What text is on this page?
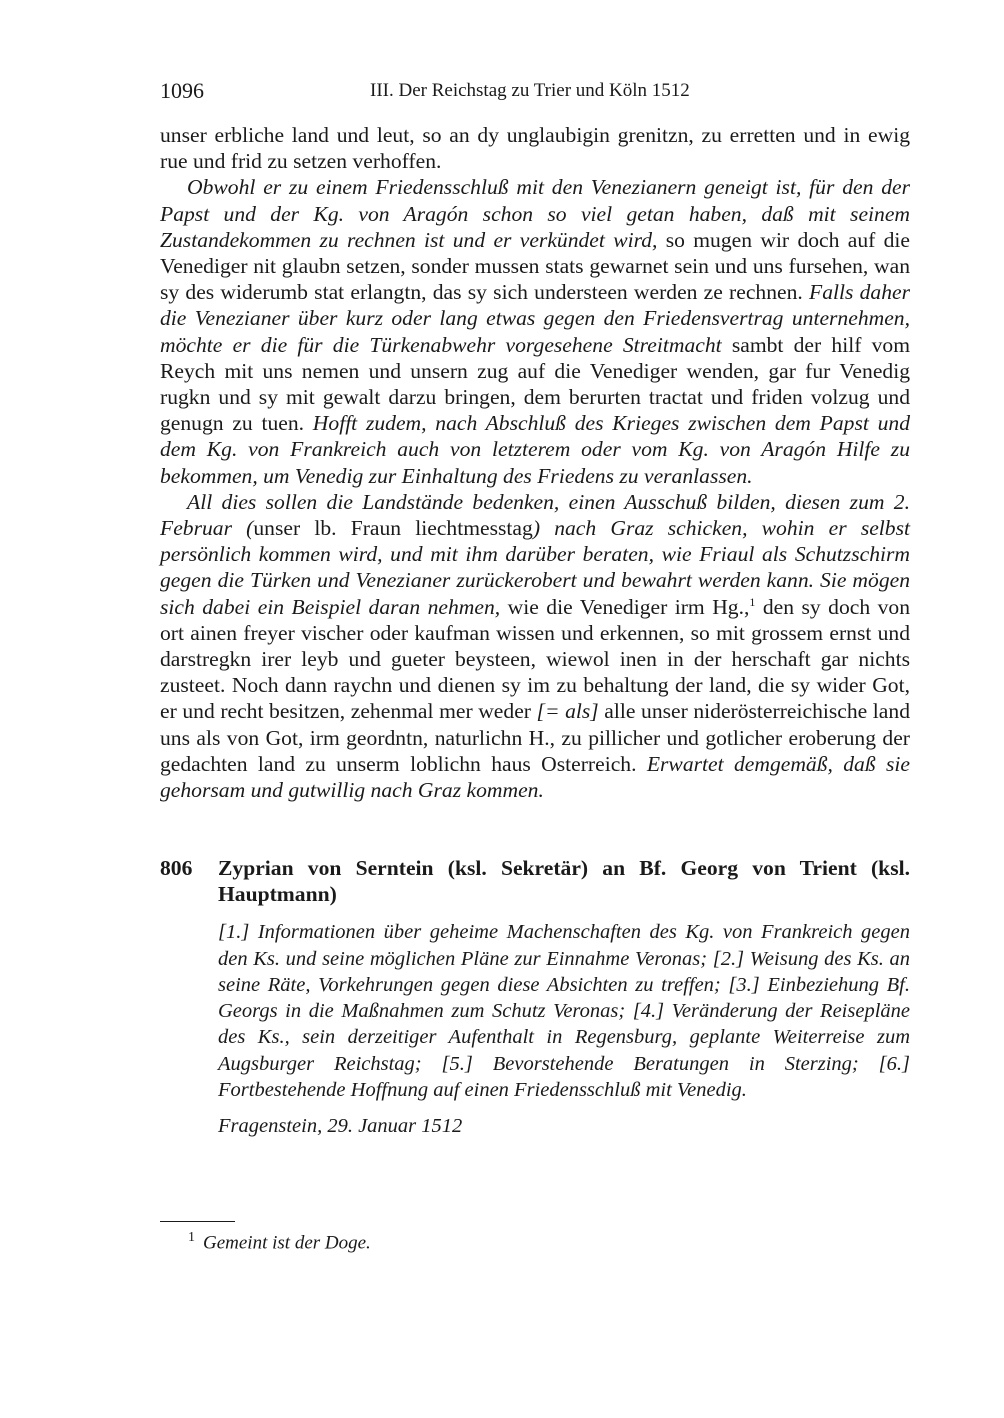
1096	III. Der Reichstag zu Trier und Köln 1512

unser erbliche land und leut, so an dy unglaubigin grenitzn, zu erretten und in ewig rue und frid zu setzen verhoffen.

Obwohl er zu einem Friedensschluß mit den Venezianern geneigt ist, für den der Papst und der Kg. von Aragón schon so viel getan haben, daß mit seinem Zustandekommen zu rechnen ist und er verkündet wird, so mugen wir doch auf die Venediger nit glaubn setzen, sonder mussen stats gewarnet sein und uns fursehen, wan sy des widerumb stat erlangtn, das sy sich understeen werden ze rechnen. Falls daher die Venezianer über kurz oder lang etwas gegen den Friedensvertrag unternehmen, möchte er die für die Türkenabwehr vorgesehene Streitmacht sambt der hilf vom Reych mit uns nemen und unsern zug auf die Venediger wenden, gar fur Venedig rugkn und sy mit gewalt darzu bringen, dem berurten tractat und friden volzug und genugn zu tuen. Hofft zudem, nach Abschluß des Krieges zwischen dem Papst und dem Kg. von Frankreich auch von letzterem oder vom Kg. von Aragón Hilfe zu bekommen, um Venedig zur Einhaltung des Friedens zu veranlassen.

All dies sollen die Landstände bedenken, einen Ausschuß bilden, diesen zum 2. Februar (unser lb. Fraun liechtmesstag) nach Graz schicken, wohin er selbst persönlich kommen wird, und mit ihm darüber beraten, wie Friaul als Schutzschirm gegen die Türken und Venezianer zurückerobert und bewahrt werden kann. Sie mögen sich dabei ein Beispiel daran nehmen, wie die Venediger irm Hg.,$^1$ den sy doch von ort ainen freyer vischer oder kaufman wissen und erkennen, so mit grossem ernst und darstregkn irer leyb und gueter beysteen, wiewol inen in der herschaft gar nichts zusteet. Noch dann raychn und dienen sy im zu behaltung der land, die sy wider Got, er und recht besitzen, zehenmal mer weder [= als] alle unser niderösterreichische land uns als von Got, irm geordntn, naturlichn H., zu pillicher und gotlicher eroberung der gedachten land zu unserm loblichn haus Osterreich. Erwartet demgemäß, daß sie gehorsam und gutwillig nach Graz kommen.

806 Zyprian von Serntein (ksl. Sekretär) an Bf. Georg von Trient (ksl. Hauptmann)
[1.] Informationen über geheime Machenschaften des Kg. von Frankreich gegen den Ks. und seine möglichen Pläne zur Einnahme Veronas; [2.] Weisung des Ks. an seine Räte, Vorkehrungen gegen diese Absichten zu treffen; [3.] Einbeziehung Bf. Georgs in die Maßnahmen zum Schutz Veronas; [4.] Veränderung der Reisepläne des Ks., sein derzeitiger Aufenthalt in Regensburg, geplante Weiterreise zum Augsburger Reichstag; [5.] Bevorstehende Beratungen in Sterzing; [6.] Fortbestehende Hoffnung auf einen Friedensschluß mit Venedig.
Fragenstein, 29. Januar 1512
$^1$ Gemeint ist der Doge.
